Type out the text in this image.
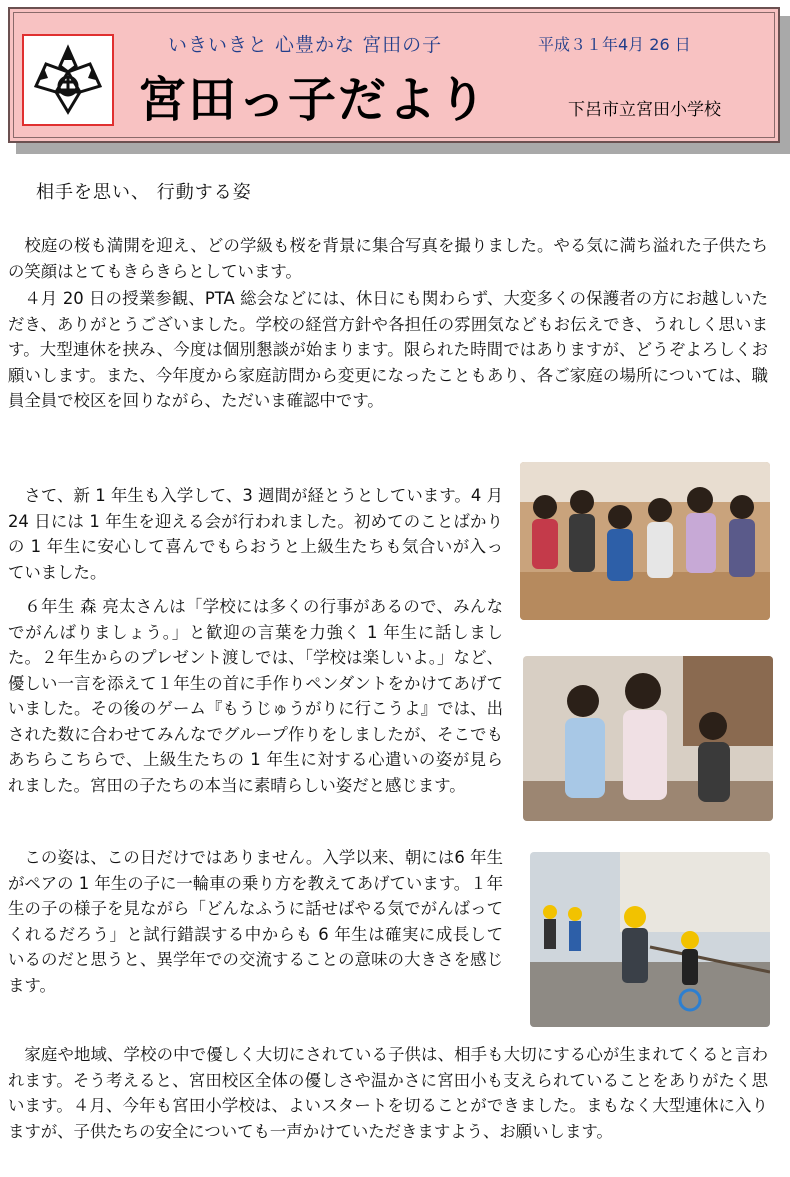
いきいきと 心豊かな 宮田の子	平成３１年4月 26 日
宮田っ子だより	下呂市立宮田小学校
相手を思い、 行動する姿

校庭の桜も満開を迎え、どの学級も桜を背景に集合写真を撮りました。やる気に満ち溢れた子供たちの笑顔はとてもきらきらとしています。

４月 20 日の授業参観、PTA 総会などには、休日にも関わらず、大変多くの保護者の方にお越しいただき、ありがとうございました。学校の経営方針や各担任の雰囲気などもお伝えでき、うれしく思います。大型連休を挟み、今度は個別懇談が始まります。限られた時間ではありますが、どうぞよろしくお願いします。また、今年度から家庭訪問から変更になったこともあり、各ご家庭の場所については、職員全員で校区を回りながら、ただいま確認中です。

さて、新 1 年生も入学して、3 週間が経とうとしています。4 月 24 日には 1 年生を迎える会が行われました。初めてのことばかりの 1 年生に安心して喜んでもらおうと上級生たちも気合いが入っていました。

６年生 森 亮太さんは「学校には多くの行事があるので、みんなでがんばりましょう。」と歓迎の言葉を力強く 1 年生に話しました。２年生からのプレゼント渡しでは、「学校は楽しいよ。」など、優しい一言を添えて１年生の首に手作りペンダントをかけてあげていました。その後のゲーム『もうじゅうがりに行こうよ』では、出された数に合わせてみんなでグループ作りをしましたが、そこでもあちらこちらで、上級生たちの 1 年生に対する心遣いの姿が見られました。宮田の子たちの本当に素晴らしい姿だと感じます。

この姿は、この日だけではありません。入学以来、朝には6 年生がペアの 1 年生の子に一輪車の乗り方を教えてあげています。１年生の子の様子を見ながら「どんなふうに話せばやる気でがんばってくれるだろう」と試行錯誤する中からも 6 年生は確実に成長しているのだと思うと、異学年での交流することの意味の大きさを感じます。

家庭や地域、学校の中で優しく大切にされている子供は、相手も大切にする心が生まれてくると言われます。そう考えると、宮田校区全体の優しさや温かさに宮田小も支えられていることをありがたく思います。４月、今年も宮田小学校は、よいスタートを切ることができました。まもなく大型連休に入りますが、子供たちの安全についても一声かけていただきますよう、お願いします。
